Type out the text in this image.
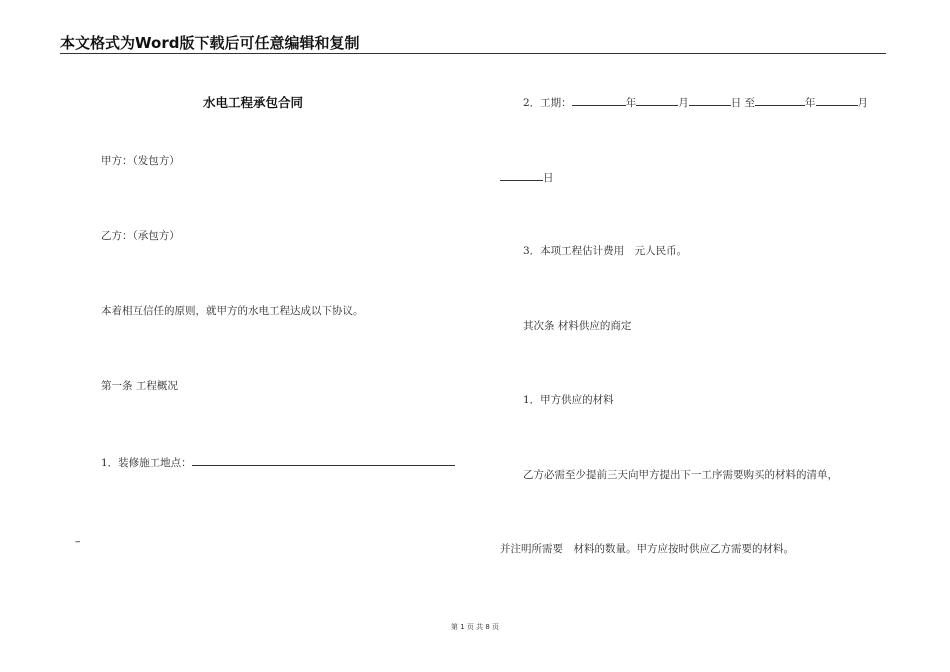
本文格式为Word版下载后可任意编辑和复制
水电工程承包合同
甲方：（发包方）
乙方：（承包方）
本着相互信任的原则，就甲方的水电工程达成以下协议。
第一条 工程概况
1．装修施工地点：
–
2．工期：	年	月	日 至	年	月
日
3．本项工程估计费用　元人民币。
其次条 材料供应的商定
1．甲方供应的材料
乙方必需至少提前三天向甲方提出下一工序需要购买的材料的清单，
并注明所需要　材料的数量。甲方应按时供应乙方需要的材料。
第 1 页 共 8 页
